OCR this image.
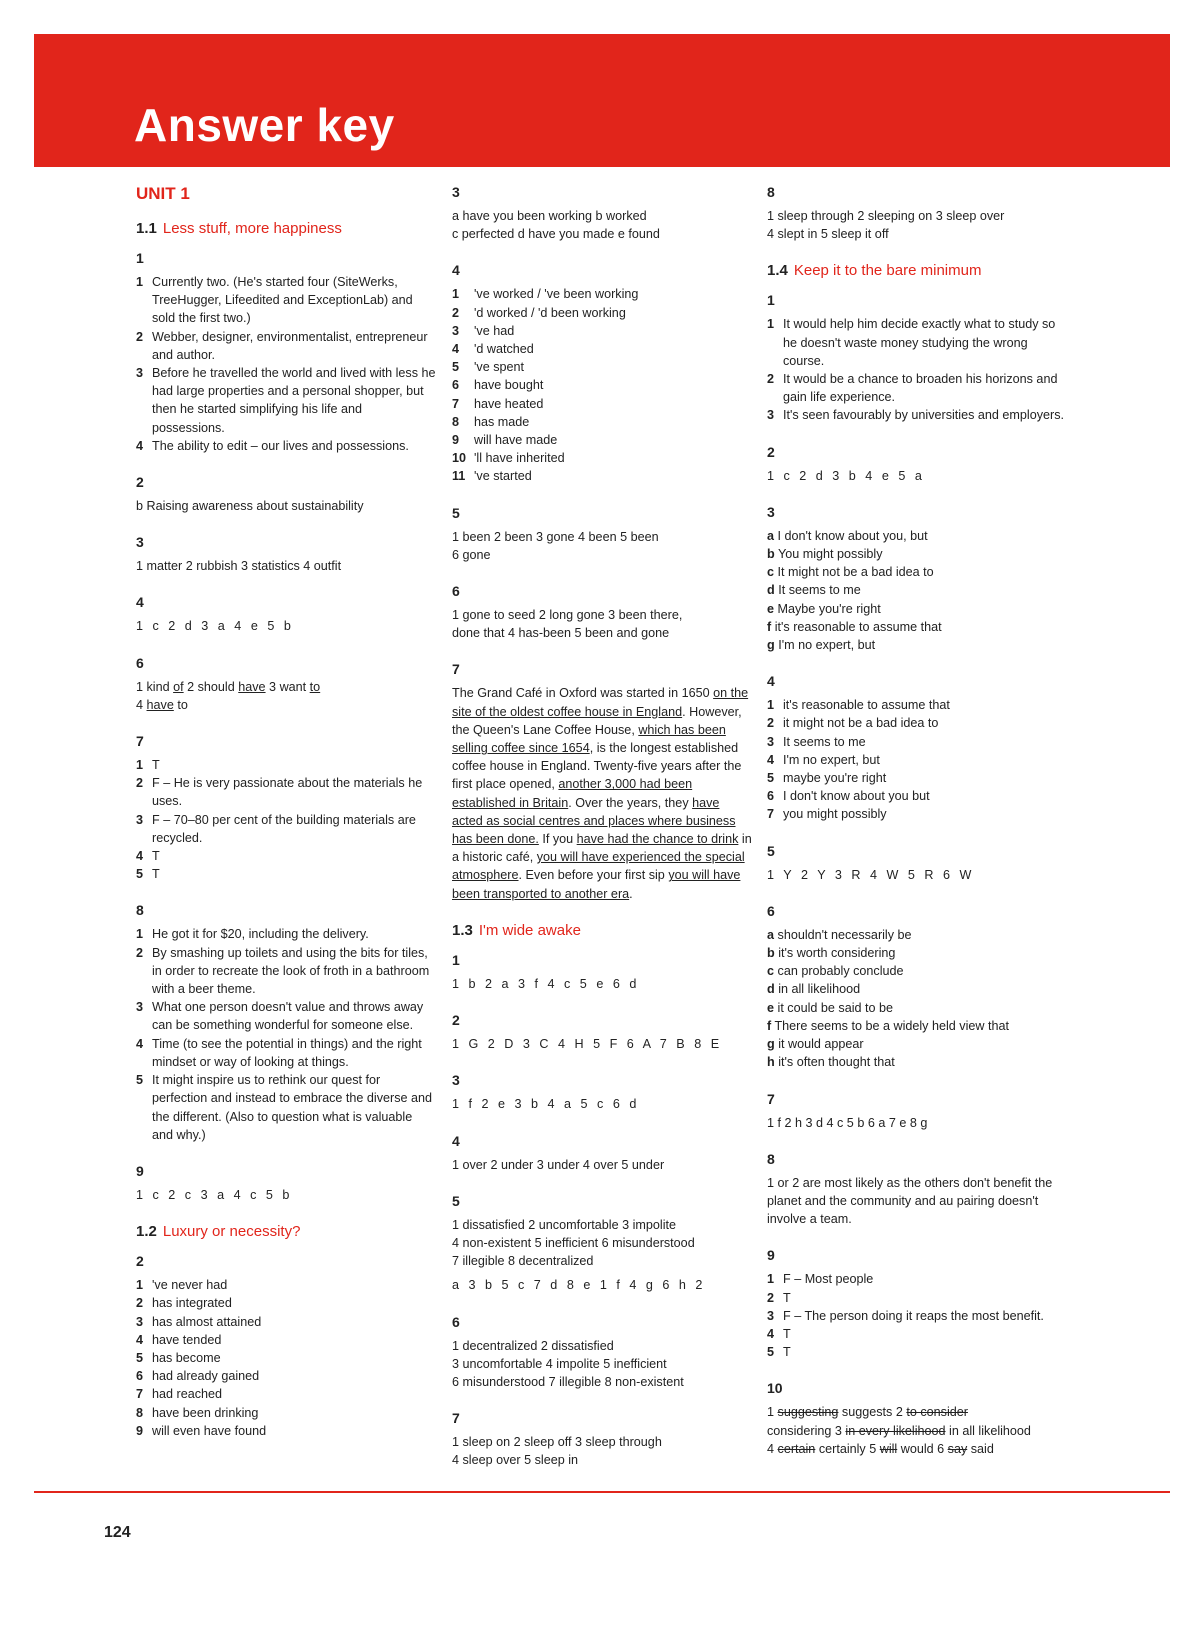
Answer key
UNIT 1
1.1 Less stuff, more happiness
1
1 Currently two. (He's started four (SiteWerks, TreeHugger, Lifeedited and ExceptionLab) and sold the first two.)
2 Webber, designer, environmentalist, entrepreneur and author.
3 Before he travelled the world and lived with less he had large properties and a personal shopper, but then he started simplifying his life and possessions.
4 The ability to edit – our lives and possessions.
2

b Raising awareness about sustainability

3

1 matter 2 rubbish 3 statistics 4 outfit

4

1 c 2 d 3 a 4 e 5 b

6

1 kind of 2 should have 3 want to

4 have to

7
1 T
2 F – He is very passionate about the materials he uses.
3 F – 70–80 per cent of the building materials are recycled.
4 T
5 T
8
1 He got it for $20, including the delivery.
2 By smashing up toilets and using the bits for tiles, in order to recreate the look of froth in a bathroom with a beer theme.
3 What one person doesn't value and throws away can be something wonderful for someone else.
4 Time (to see the potential in things) and the right mindset or way of looking at things.
5 It might inspire us to rethink our quest for perfection and instead to embrace the diverse and the different. (Also to question what is valuable and why.)
9

1 c 2 c 3 a 4 c 5 b

1.2 Luxury or necessity?
2
1 've never had
2 has integrated
3 has almost attained
4 have tended
5 has become
6 had already gained
7 had reached
8 have been drinking
9 will even have found
3

a have you been working b worked

c perfected d have you made e found

4
1 've worked / 've been working
2 'd worked / 'd been working
3 've had
4 'd watched
5 've spent
6 have bought
7 have heated
8 has made
9 will have made
10 'll have inherited
11 've started
5

1 been 2 been 3 gone 4 been 5 been

6 gone

6

1 gone to seed 2 long gone 3 been there,

done that 4 has-been 5 been and gone

7

The Grand Café in Oxford was started in 1650 on the site of the oldest coffee house in England. However, the Queen's Lane Coffee House, which has been selling coffee since 1654, is the longest established coffee house in England. Twenty-five years after the first place opened, another 3,000 had been established in Britain. Over the years, they have acted as social centres and places where business has been done. If you have had the chance to drink in a historic café, you will have experienced the special atmosphere. Even before your first sip you will have been transported to another era.

1.3 I'm wide awake
1

1 b 2 a 3 f 4 c 5 e 6 d

2

1 G 2 D 3 C 4 H 5 F 6 A 7 B 8 E

3

1 f 2 e 3 b 4 a 5 c 6 d

4

1 over 2 under 3 under 4 over 5 under

5

1 dissatisfied 2 uncomfortable 3 impolite

4 non-existent 5 inefficient 6 misunderstood

7 illegible 8 decentralized

a 3 b 5 c 7 d 8 e 1 f 4 g 6 h 2

6

1 decentralized 2 dissatisfied

3 uncomfortable 4 impolite 5 inefficient

6 misunderstood 7 illegible 8 non-existent

7

1 sleep on 2 sleep off 3 sleep through

4 sleep over 5 sleep in

8

1 sleep through 2 sleeping on 3 sleep over

4 slept in 5 sleep it off

1.4 Keep it to the bare minimum
1
1 It would help him decide exactly what to study so he doesn't waste money studying the wrong course.
2 It would be a chance to broaden his horizons and gain life experience.
3 It's seen favourably by universities and employers.
2

1 c 2 d 3 b 4 e 5 a

3

a I don't know about you, but

b You might possibly

c It might not be a bad idea to

d It seems to me

e Maybe you're right

f it's reasonable to assume that

g I'm no expert, but

4
1 it's reasonable to assume that
2 it might not be a bad idea to
3 It seems to me
4 I'm no expert, but
5 maybe you're right
6 I don't know about you but
7 you might possibly
5

1 Y 2 Y 3 R 4 W 5 R 6 W

6

a shouldn't necessarily be

b it's worth considering

c can probably conclude

d in all likelihood

e it could be said to be

f There seems to be a widely held view that

g it would appear

h it's often thought that

7

1 f 2 h 3 d 4 c 5 b 6 a 7 e 8 g

8

1 or 2 are most likely as the others don't benefit the planet and the community and au pairing doesn't involve a team.

9
1 F – Most people
2 T
3 F – The person doing it reaps the most benefit.
4 T
5 T
10

1 suggesting suggests 2 to consider

considering 3 in every likelihood in all likelihood

4 certain certainly 5 will would 6 say said

124
